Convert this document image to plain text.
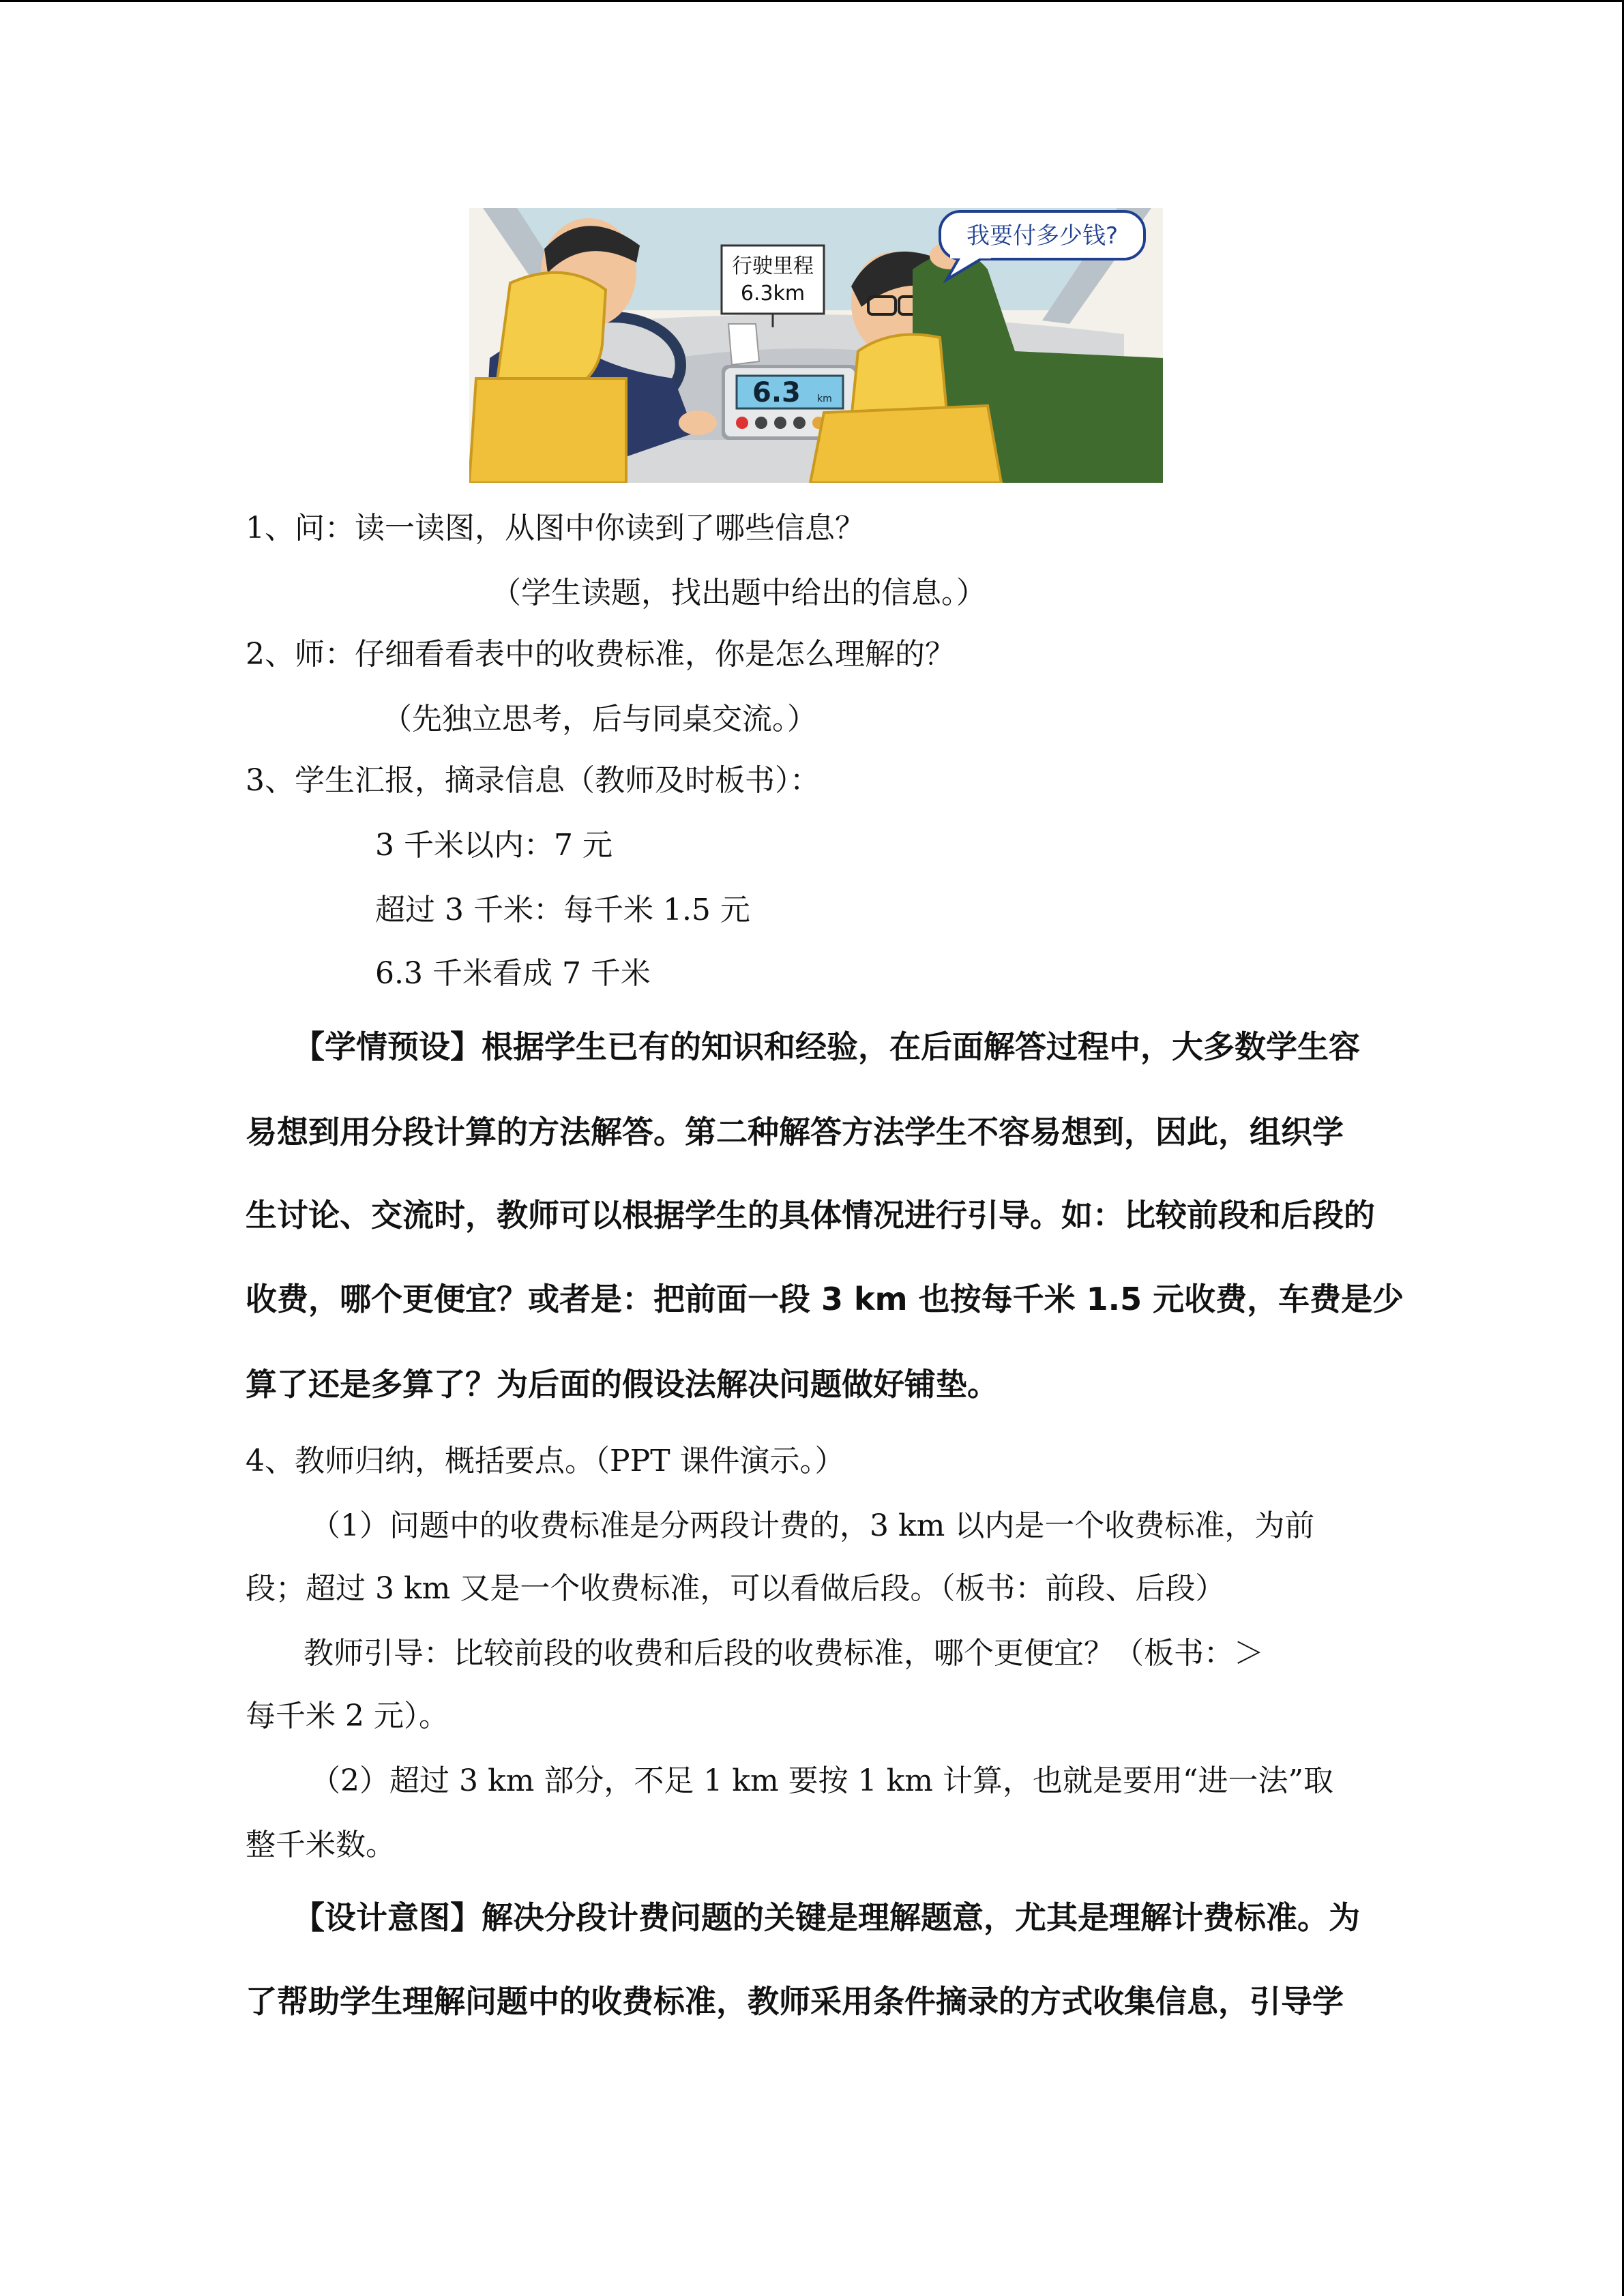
6.3 km
行驶里程
6.3km
我要付多少钱?
1、问：读一读图，从图中你读到了哪些信息？
（学生读题，找出题中给出的信息。）
2、师：仔细看看表中的收费标准，你是怎么理解的？
（先独立思考，后与同桌交流。）
3、学生汇报，摘录信息（教师及时板书）：
3 千米以内：7 元
超过 3 千米：每千米 1.5 元
6.3 千米看成 7 千米
【学情预设】根据学生已有的知识和经验，在后面解答过程中，大多数学生容
易想到用分段计算的方法解答。第二种解答方法学生不容易想到，因此，组织学
生讨论、交流时，教师可以根据学生的具体情况进行引导。如：比较前段和后段的
收费，哪个更便宜？或者是：把前面一段 3 km 也按每千米 1.5 元收费，车费是少
算了还是多算了？为后面的假设法解决问题做好铺垫。
4、教师归纳，概括要点。（PPT 课件演示。）
（1）问题中的收费标准是分两段计费的，3 km 以内是一个收费标准，为前
段；超过 3 km 又是一个收费标准，可以看做后段。（板书：前段、后段）
教师引导：比较前段的收费和后段的收费标准，哪个更便宜？（板书：＞
每千米 2 元）。
（2）超过 3 km 部分，不足 1 km 要按 1 km 计算，也就是要用“进一法”取
整千米数。
【设计意图】解决分段计费问题的关键是理解题意，尤其是理解计费标准。为
了帮助学生理解问题中的收费标准，教师采用条件摘录的方式收集信息，引导学
